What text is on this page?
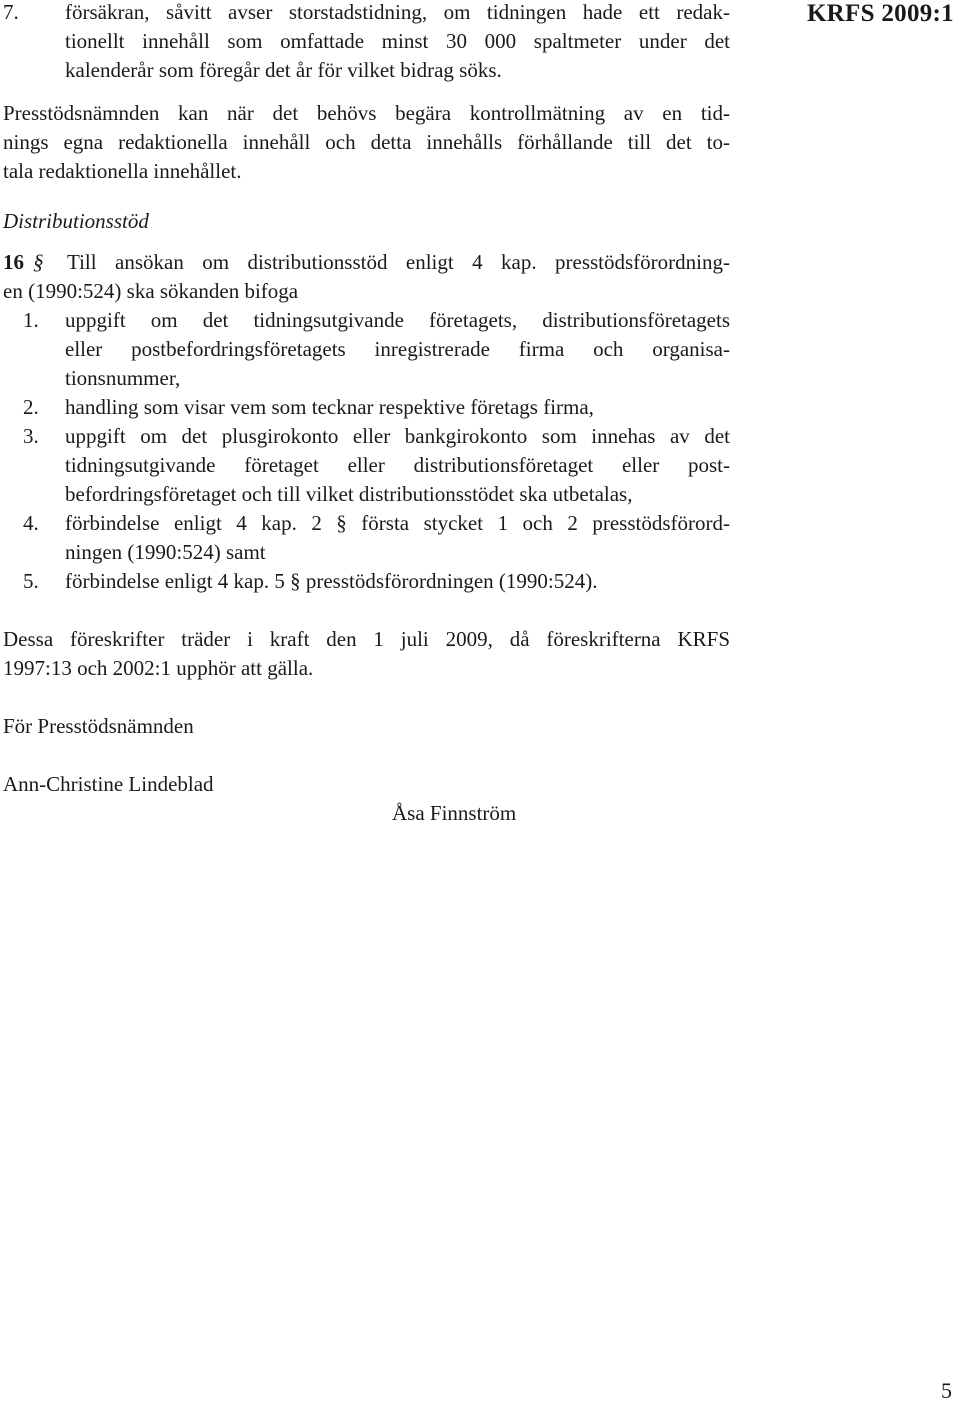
KRFS 2009:1
7. försäkran, såvitt avser storstadstidning, om tidningen hade ett redak-
tionellt innehåll som omfattade minst 30 000 spaltmeter under det
kalenderår som föregår det år för vilket bidrag söks.
Presstödsnämnden kan när det behövs begära kontrollmätning av en tid-
nings egna redaktionella innehåll och detta innehålls förhållande till det to-
tala redaktionella innehållet.
Distributionsstöd
16 § Till ansökan om distributionsstöd enligt 4 kap. presstödsförordning-
en (1990:524) ska sökanden bifoga
1. uppgift om det tidningsutgivande företagets, distributionsföretagets
eller postbefordringsföretagets inregistrerade firma och organisa-
tionsnummer,
2. handling som visar vem som tecknar respektive företags firma,
3. uppgift om det plusgirokonto eller bankgirokonto som innehas av det
tidningsutgivande företaget eller distributionsföretaget eller post-
befordringsföretaget och till vilket distributionsstödet ska utbetalas,
4. förbindelse enligt 4 kap. 2 § första stycket 1 och 2 presstödsförord-
ningen (1990:524) samt
5. förbindelse enligt 4 kap. 5 § presstödsförordningen (1990:524).
Dessa föreskrifter träder i kraft den 1 juli 2009, då föreskrifterna KRFS
1997:13 och 2002:1 upphör att gälla.
För Presstödsnämnden
Ann-Christine Lindeblad
Åsa Finnström
5
